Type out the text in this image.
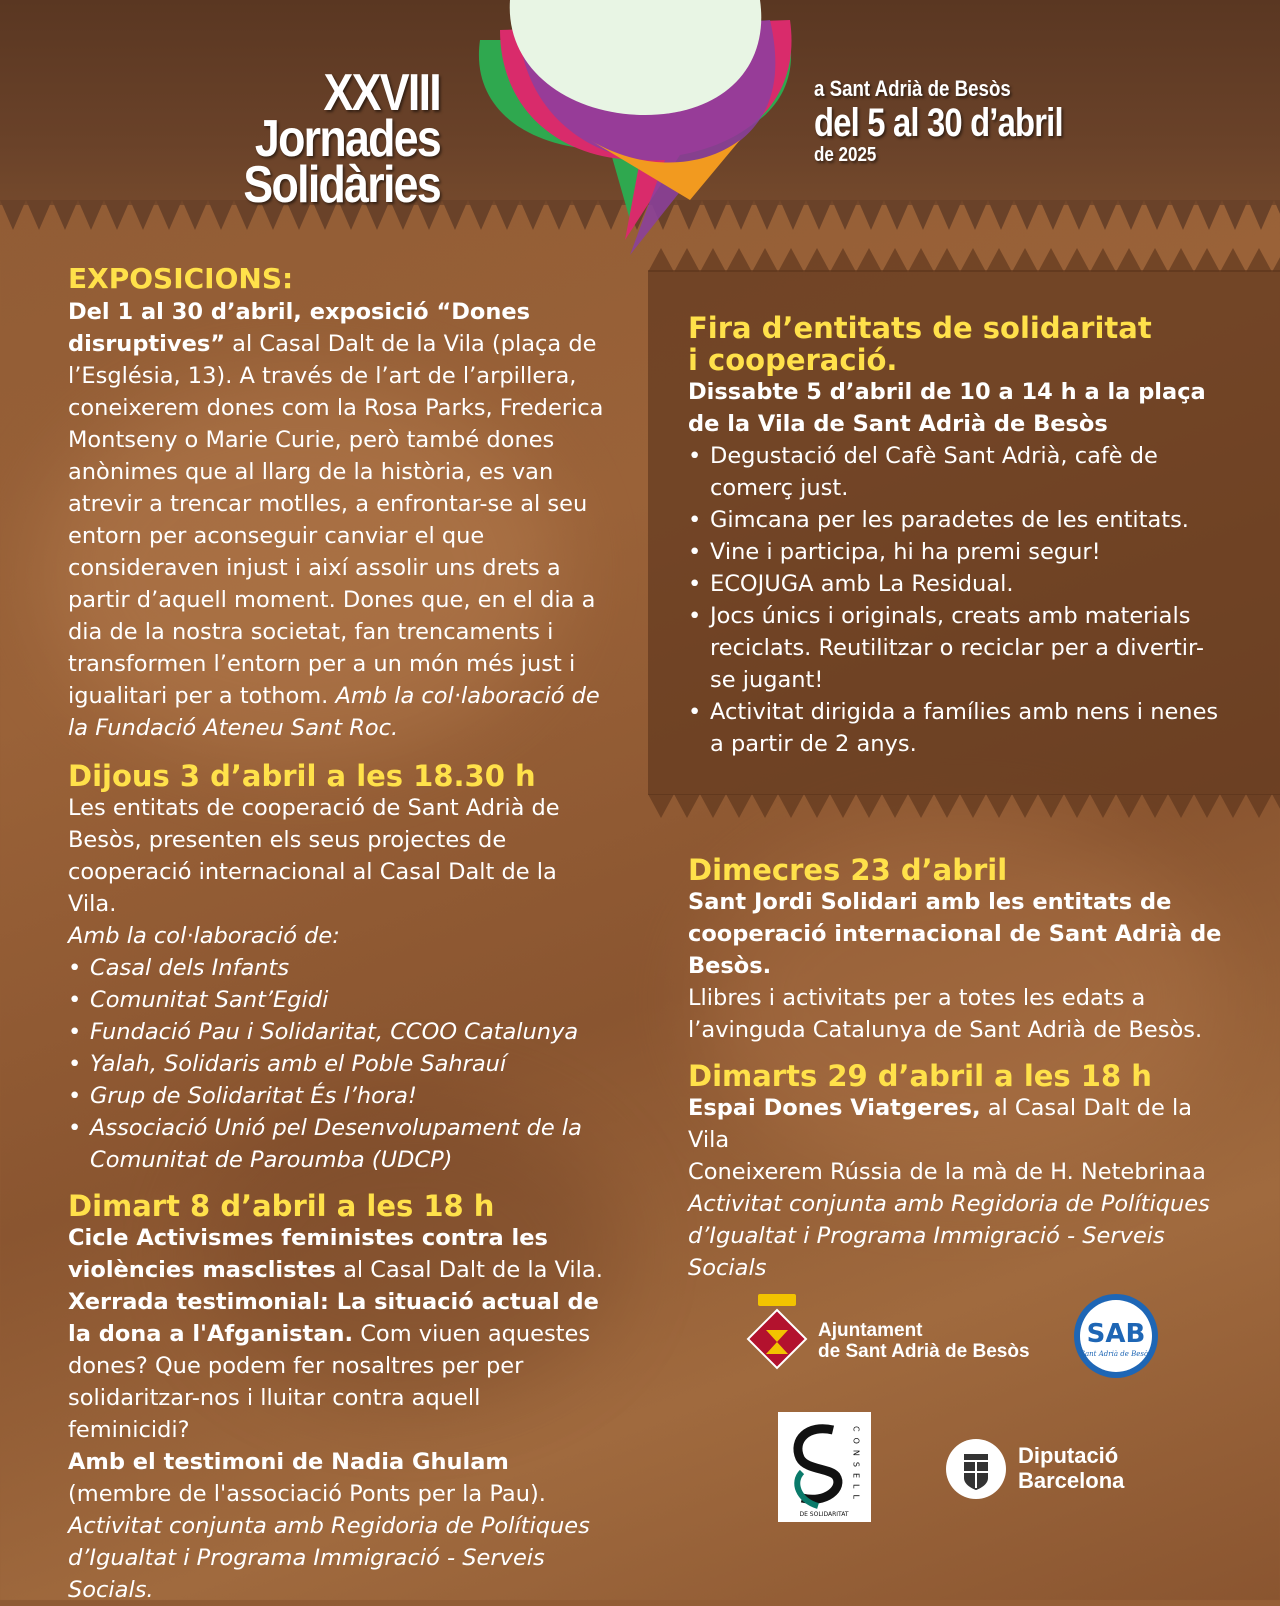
XXVIII Jornades
Solidàries
a Sant Adrià de Besòs
del 5 al 30 d’abril
de 2025
EXPOSICIONS:

Del 1 al 30 d’abril, exposició “Dones disruptives” al Casal Dalt de la Vila (plaça de l’Església, 13). A través de l’art de l’arpillera, coneixerem dones com la Rosa Parks, Frederica Montseny o Marie Curie, però també dones anònimes que al llarg de la història, es van atrevir a trencar motlles, a enfrontar-se al seu entorn per aconseguir canviar el que consideraven injust i així assolir uns drets a partir d’aquell moment. Dones que, en el dia a dia de la nostra societat, fan trencaments i transformen l’entorn per a un món més just i igualitari per a tothom. Amb la col·laboració de la Fundació Ateneu Sant Roc.

Dijous 3 d’abril a les 18.30 h

Les entitats de cooperació de Sant Adrià de Besòs, presenten els seus projectes de cooperació internacional al Casal Dalt de la Vila.

Amb la col·laboració de:

• Casal dels Infants
• Comunitat Sant’Egidi
• Fundació Pau i Solidaritat, CCOO Catalunya
• Yalah, Solidaris amb el Poble Sahrauí
• Grup de Solidaritat És l’hora!
• Associació Unió pel Desenvolupament de la Comunitat de Paroumba (UDCP)
Dimart 8 d’abril a les 18 h

Cicle Activismes feministes contra les violències masclistes al Casal Dalt de la Vila.

Xerrada testimonial: La situació actual de la dona a l'Afganistan. Com viuen aquestes dones? Que podem fer nosaltres per per solidaritzar-nos i lluitar contra aquell feminicidi?

Amb el testimoni de Nadia Ghulam (membre de l'associació Ponts per la Pau).

Activitat conjunta amb Regidoria de Polítiques d’Igualtat i Programa Immigració - Serveis Socials.

Fira d’entitats de solidaritat
i cooperació.

Dissabte 5 d’abril de 10 a 14 h a la plaça de la Vila de Sant Adrià de Besòs

• Degustació del Cafè Sant Adrià, cafè de comerç just.
• Gimcana per les paradetes de les entitats.
• Vine i participa, hi ha premi segur!
• ECOJUGA amb La Residual.
• Jocs únics i originals, creats amb materials reciclats. Reutilitzar o reciclar per a divertir-se jugant!
• Activitat dirigida a famílies amb nens i nenes a partir de 2 anys.
Dimecres 23 d’abril

Sant Jordi Solidari amb les entitats de cooperació internacional de Sant Adrià de Besòs.

Llibres i activitats per a totes les edats a l’avinguda Catalunya de Sant Adrià de Besòs.

Dimarts 29 d’abril a les 18 h

Espai Dones Viatgeres, al Casal Dalt de la Vila

Coneixerem Rússia de la mà de H. Netebrinaa

Activitat conjunta amb Regidoria de Polítiques d’Igualtat i Programa Immigració - Serveis Socials

Ajuntament
de Sant Adrià de Besòs
SAB
Sant Adrià de Besòs
CONSELL
DE SOLIDARITAT
Diputació
Barcelona
